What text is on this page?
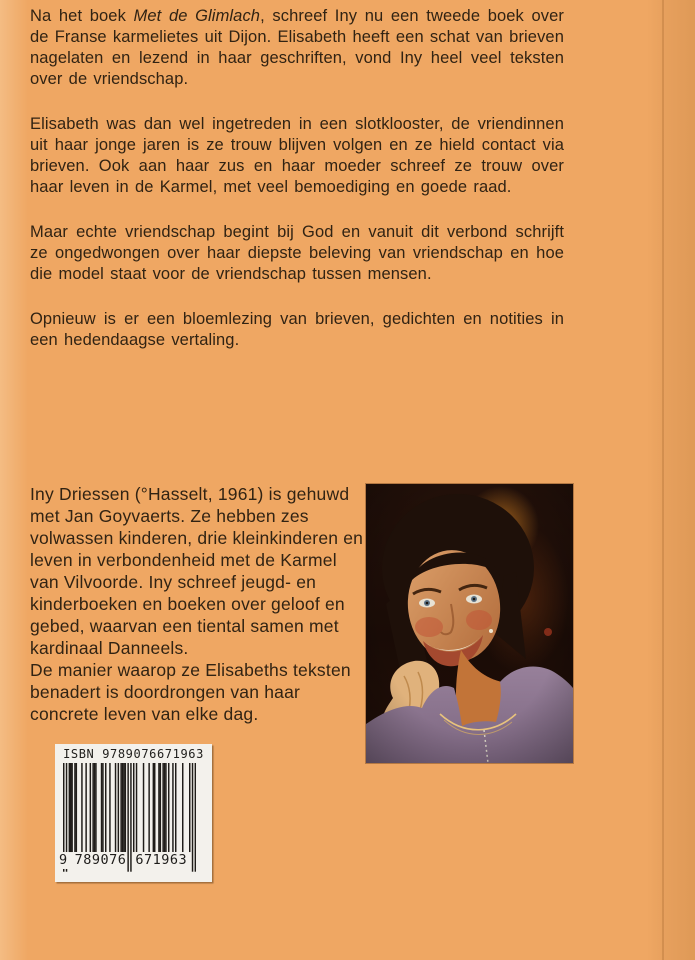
Na het boek Met de Glimlach, schreef Iny nu een tweede boek over de Franse karmelietes uit Dijon. Elisabeth heeft een schat van brieven nagelaten en lezend in haar geschriften, vond Iny heel veel teksten over de vriendschap.

Elisabeth was dan wel ingetreden in een slotklooster, de vriendinnen uit haar jonge jaren is ze trouw blijven volgen en ze hield contact via brieven. Ook aan haar zus en haar moeder schreef ze trouw over haar leven in de Karmel, met veel bemoediging en goede raad.

Maar echte vriendschap begint bij God en vanuit dit verbond schrijft ze ongedwongen over haar diepste beleving van vriendschap en hoe die model staat voor de vriendschap tussen mensen.

Opnieuw is er een bloemlezing van brieven, gedichten en notities in een hedendaagse vertaling.

Iny Driessen (°Hasselt, 1961) is gehuwd met Jan Goyvaerts. Ze hebben zes volwassen kinderen, drie kleinkinderen en leven in verbondenheid met de Karmel van Vilvoorde. Iny schreef jeugd- en kinderboeken en boeken over geloof en gebed, waarvan een tiental samen met kardinaal Danneels.
De manier waarop ze Elisabeths teksten benadert is doordrongen van haar concrete leven van elke dag.
ISBN 9789076671963
9 789076 671963
